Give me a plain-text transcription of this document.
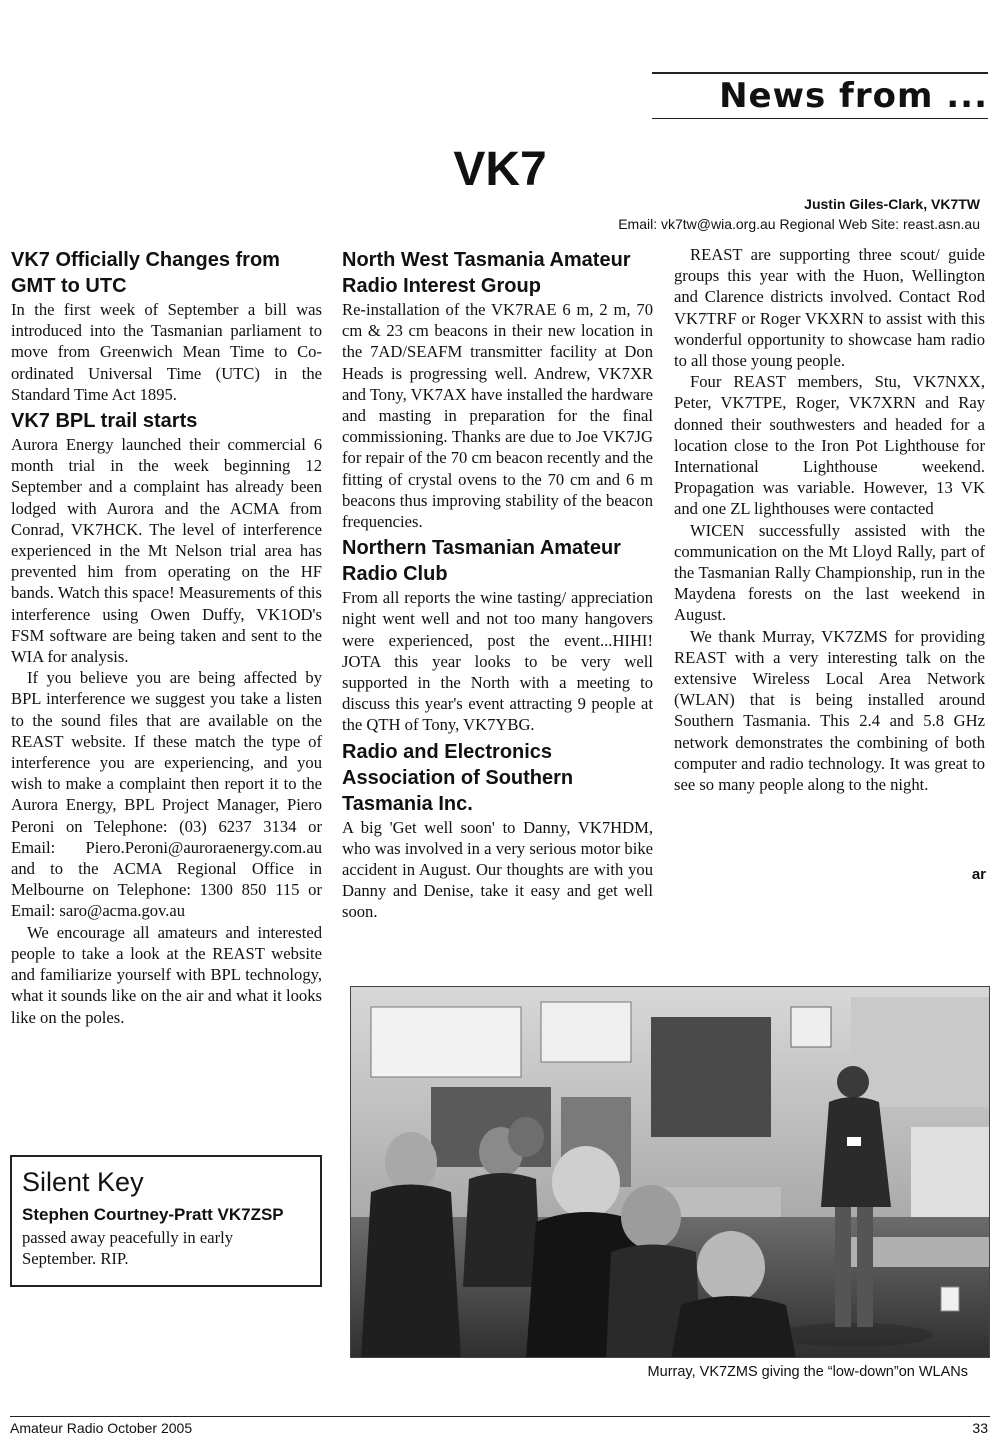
News from ...
VK7
Justin Giles-Clark, VK7TW
Email: vk7tw@wia.org.au Regional Web Site: reast.asn.au
VK7 Officially Changes from GMT to UTC

In the first week of September a bill was introduced into the Tasmanian parliament to move from Greenwich Mean Time to Co-ordinated Universal Time (UTC) in the Standard Time Act 1895.

VK7 BPL trail starts

Aurora Energy launched their commercial 6 month trial in the week beginning 12 September and a complaint has already been lodged with Aurora and the ACMA from Conrad, VK7HCK. The level of interference experienced in the Mt Nelson trial area has prevented him from operating on the HF bands. Watch this space! Measurements of this interference using Owen Duffy, VK1OD's FSM software are being taken and sent to the WIA for analysis.

If you believe you are being affected by BPL interference we suggest you take a listen to the sound files that are available on the REAST website. If these match the type of interference you are experiencing, and you wish to make a complaint then report it to the Aurora Energy, BPL Project Manager, Piero Peroni on Telephone: (03) 6237 3134 or Email: Piero.Peroni@auroraenergy.com.au and to the ACMA Regional Office in Melbourne on Telephone: 1300 850 115 or Email: saro@acma.gov.au

We encourage all amateurs and interested people to take a look at the REAST website and familiarize yourself with BPL technology, what it sounds like on the air and what it looks like on the poles.

North West Tasmania Amateur Radio Interest Group

Re-installation of the VK7RAE 6 m, 2 m, 70 cm & 23 cm beacons in their new location in the 7AD/SEAFM transmitter facility at Don Heads is progressing well. Andrew, VK7XR and Tony, VK7AX have installed the hardware and masting in preparation for the final commissioning. Thanks are due to Joe VK7JG for repair of the 70 cm beacon recently and the fitting of crystal ovens to the 70 cm and 6 m beacons thus improving stability of the beacon frequencies.

Northern Tasmanian Amateur Radio Club

From all reports the wine tasting/ appreciation night went well and not too many hangovers were experienced, post the event...HIHI! JOTA this year looks to be very well supported in the North with a meeting to discuss this year's event attracting 9 people at the QTH of Tony, VK7YBG.

Radio and Electronics Association of Southern Tasmania Inc.

A big 'Get well soon' to Danny, VK7HDM, who was involved in a very serious motor bike accident in August. Our thoughts are with you Danny and Denise, take it easy and get well soon.

REAST are supporting three scout/ guide groups this year with the Huon, Wellington and Clarence districts involved. Contact Rod VK7TRF or Roger VKXRN to assist with this wonderful opportunity to showcase ham radio to all those young people.

Four REAST members, Stu, VK7NXX, Peter, VK7TPE, Roger, VK7XRN and Ray donned their southwesters and headed for a location close to the Iron Pot Lighthouse for International Lighthouse weekend. Propagation was variable. However, 13 VK and one ZL lighthouses were contacted

WICEN successfully assisted with the communication on the Mt Lloyd Rally, part of the Tasmanian Rally Championship, run in the Maydena forests on the last weekend in August.

We thank Murray, VK7ZMS for providing REAST with a very interesting talk on the extensive Wireless Local Area Network (WLAN) that is being installed around Southern Tasmania. This 2.4 and 5.8 GHz network demonstrates the combining of both computer and radio technology. It was great to see so many people along to the night.

ar
Silent Key
Stephen Courtney-Pratt VK7ZSP
passed away peacefully in early September. RIP.
Murray, VK7ZMS giving the “low-down”on WLANs
Amateur Radio October 2005	33
